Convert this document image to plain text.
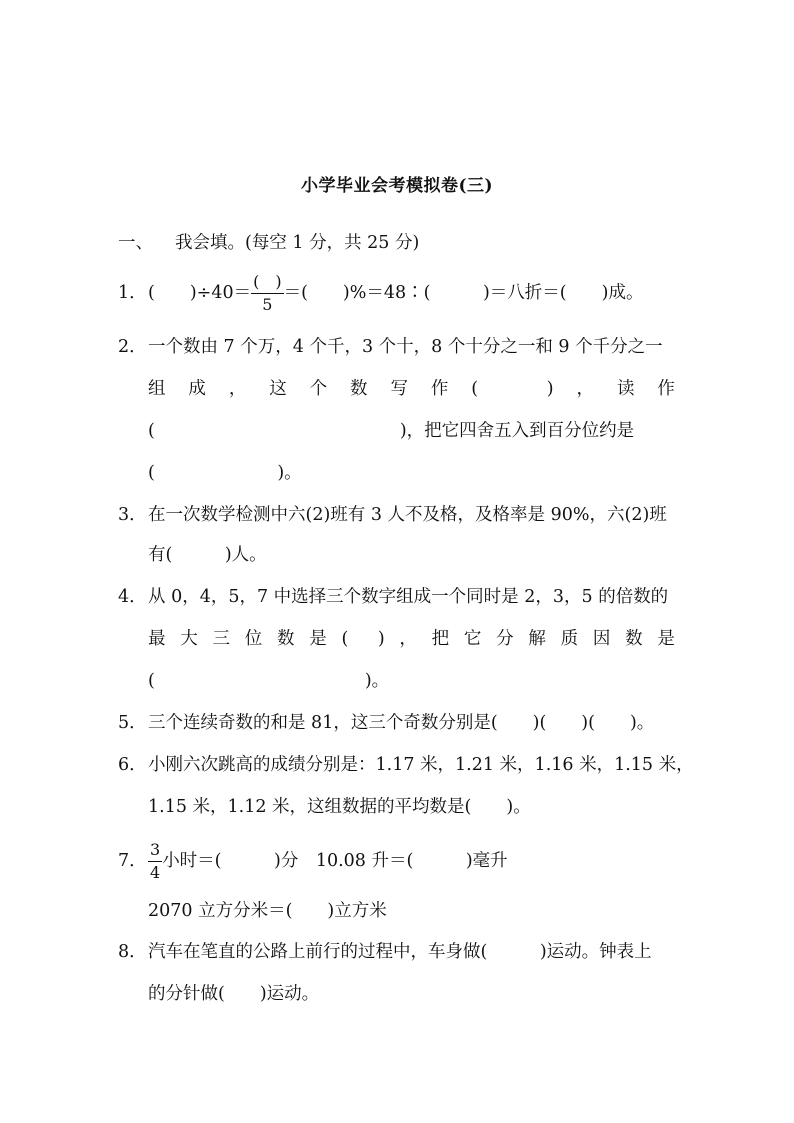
小学毕业会考模拟卷(三)
一、 我会填。(每空 1 分，共 25 分)
1．(　　)$\div 40= \frac{( )}{5}$ ＝(　　)%＝48∶(　　　)＝八折＝(　　)成。
2．一个数由 7 个万，4 个千，3 个十，8 个十分之一和 9 个千分之一
组 成 ， 这 个 数 写 作 (	) ， 读 作
(　　　　　　　　　　　　　　)，把它四舍五入到百分位约是
(　　　　　　　)。
3．在一次数学检测中六(2)班有 3 人不及格，及格率是 90%，六(2)班
有(　　　)人。
4．从 0，4，5，7 中选择三个数字组成一个同时是 2，3，5 的倍数的
最 大 三 位 数 是 ( ) ， 把 它 分 解 质 因 数 是
(　　　　　　　　　　　　)。
5．三个连续奇数的和是 81，这三个奇数分别是(　　)(　　)(　　)。
6．小刚六次跳高的成绩分别是：1.17 米，1.21 米，1.16 米，1.15 米，
1.15 米，1.12 米，这组数据的平均数是(　　)。
7． $\frac{3}{4}$ 小时＝(　　　)分　10.08 升＝(　　　)毫升
2070 立方分米＝(　　)立方米
8．汽车在笔直的公路上前行的过程中，车身做(　　　)运动。钟表上
的分针做(　　)运动。
